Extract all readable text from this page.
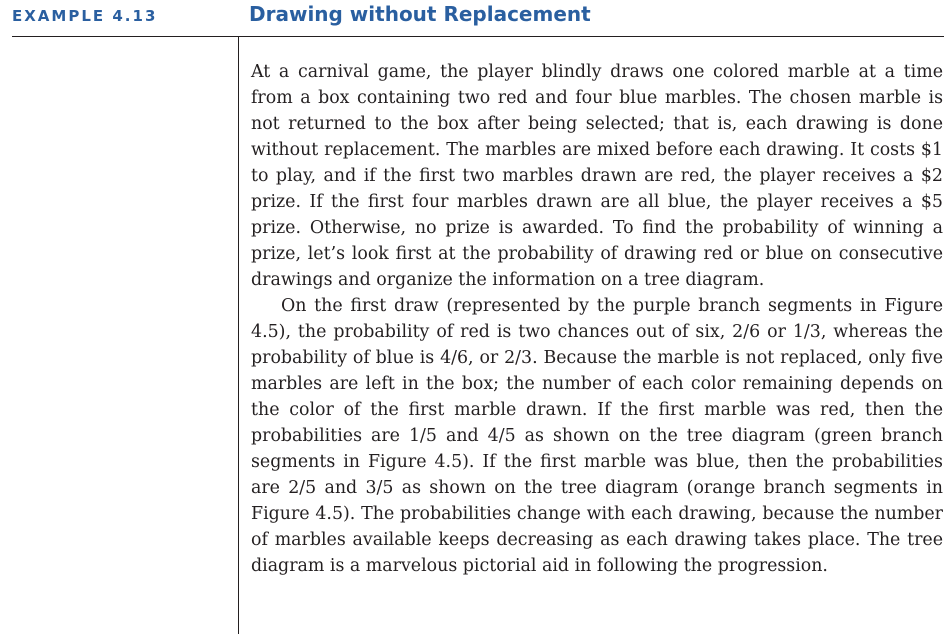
EXAMPLE 4.13	Drawing without Replacement

At a carnival game, the player blindly draws one colored marble at a time from a box containing two red and four blue marbles. The chosen marble is not returned to the box after being selected; that is, each drawing is done without replacement. The marbles are mixed before each drawing. It costs $1 to play, and if the first two marbles drawn are red, the player receives a $2 prize. If the first four marbles drawn are all blue, the player receives a $5 prize. Otherwise, no prize is awarded. To find the probability of winning a prize, let’s look first at the probability of drawing red or blue on consecutive drawings and organize the information on a tree diagram.

On the first draw (represented by the purple branch segments in Figure 4.5), the probability of red is two chances out of six, 2/6 or 1/3, whereas the probability of blue is 4/6, or 2/3. Because the marble is not replaced, only five marbles are left in the box; the number of each color remaining depends on the color of the first marble drawn. If the first marble was red, then the probabilities are 1/5 and 4/5 as shown on the tree diagram (green branch segments in Figure 4.5). If the first marble was blue, then the probabilities are 2/5 and 3/5 as shown on the tree diagram (orange branch segments in Figure 4.5). The probabilities change with each drawing, because the number of marbles available keeps decreasing as each drawing takes place. The tree diagram is a marvelous pictorial aid in following the progression.
